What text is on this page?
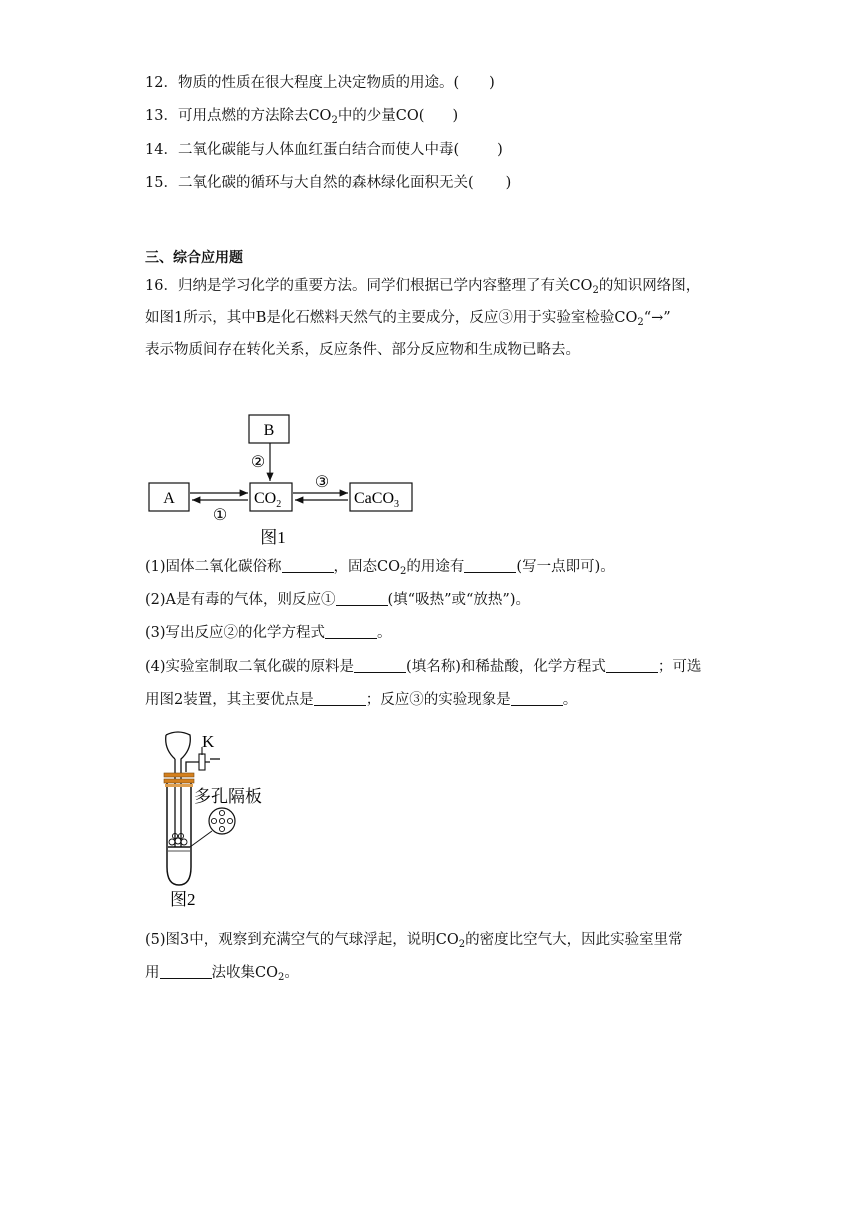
12．物质的性质在很大程度上决定物质的用途。( )
13．可用点燃的方法除去$CO_2$中的少量CO( )
14．二氧化碳能与人体血红蛋白结合而使人中毒(	)
15．二氧化碳的循环与大自然的森林绿化面积无关( )
三、综合应用题
16．归纳是学习化学的重要方法。同学们根据已学内容整理了有关$CO_2$的知识网络图，
如图1所示，其中B是化石燃料天然气的主要成分，反应③用于实验室检验$CO_2“\to$”
表示物质间存在转化关系，反应条件、部分反应物和生成物已略去。
B
②
A	$CO_2$	CaCO$_3$
①
③
图1
(1)固体二氧化碳俗称	，固态$CO_2$的用途有	(写一点即可)。
(2)A是有毒的气体，则反应①	(填“吸热”或“放热”)。
(3)写出反应②的化学方程式	。
(4)实验室制取二氧化碳的原料是	(填名称)和稀盐酸，化学方程式	；可选
用图2装置，其主要优点是	；反应③的实验现象是	。
K
多孔隔板
图2
(5)图3中，观察到充满空气的气球浮起，说明$CO_2$的密度比空气大，因此实验室里常
用	法收集$CO_2$。
